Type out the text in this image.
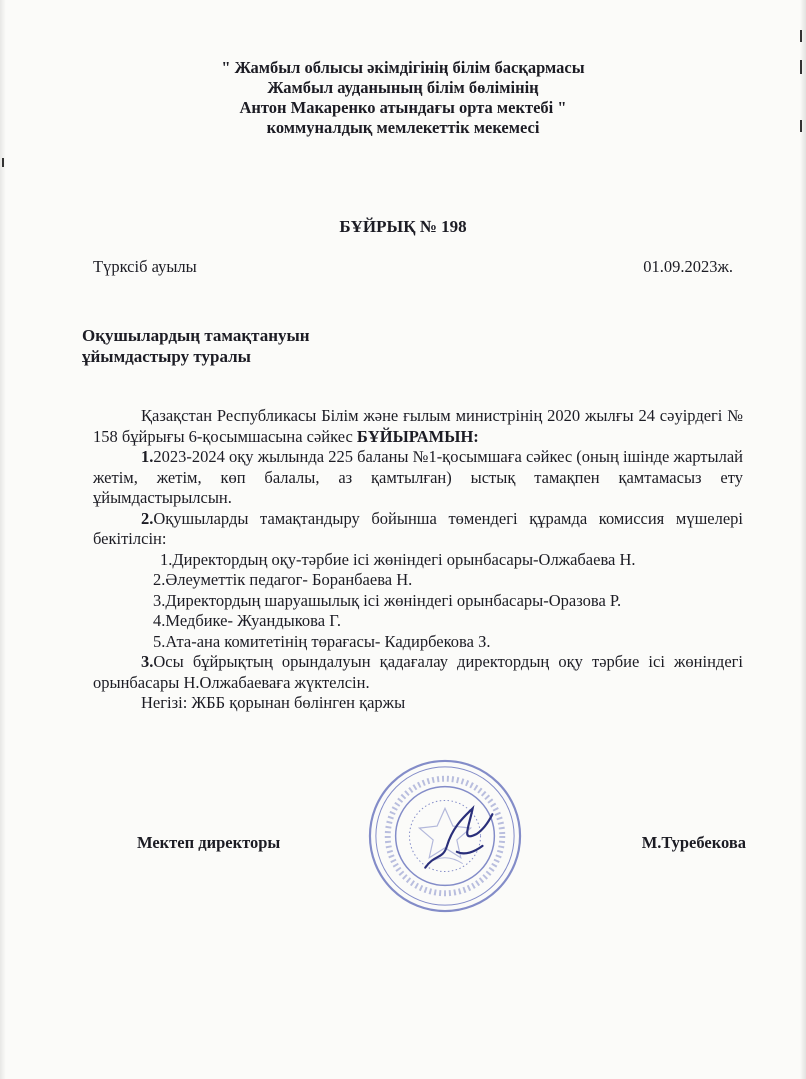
" Жамбыл облысы әкімдігінің білім басқармасы
Жамбыл ауданының білім бөлімінің
Антон Макаренко атындағы орта мектебі "
коммуналдық мемлекеттік мекемесі
БҰЙРЫҚ № 198
Түрксіб ауылы	01.09.2023ж.
Оқушылардың тамақтануын
ұйымдастыру туралы
Қазақстан Республикасы Білім және ғылым министрінің 2020 жылғы 24 сәуірдегі № 158 бұйрығы 6-қосымшасына сәйкес БҰЙЫРАМЫН:
1.2023-2024 оқу жылында 225 баланы №1-қосымшаға сәйкес (оның ішінде жартылай жетім, жетім, көп балалы, аз қамтылған) ыстық тамақпен қамтамасыз ету ұйымдастырылсын.
2.Оқушыларды тамақтандыру бойынша төмендегі құрамда комиссия мүшелері бекітілсін:
1.Директордың оқу-тәрбие ісі жөніндегі орынбасары-Олжабаева Н.
2.Әлеуметтік педагог- Боранбаева Н.
3.Директордың шаруашылық ісі жөніндегі орынбасары-Оразова Р.
4.Медбике- Жуандыкова Г.
5.Ата-ана комитетінің төрағасы- Кадирбекова З.
3.Осы бұйрықтың орындалуын қадағалау директордың оқу тәрбие ісі жөніндегі орынбасары Н.Олжабаеваға жүктелсін.
Негізі: ЖББ қорынан бөлінген қаржы
Мектеп директоры	М.Туребекова
